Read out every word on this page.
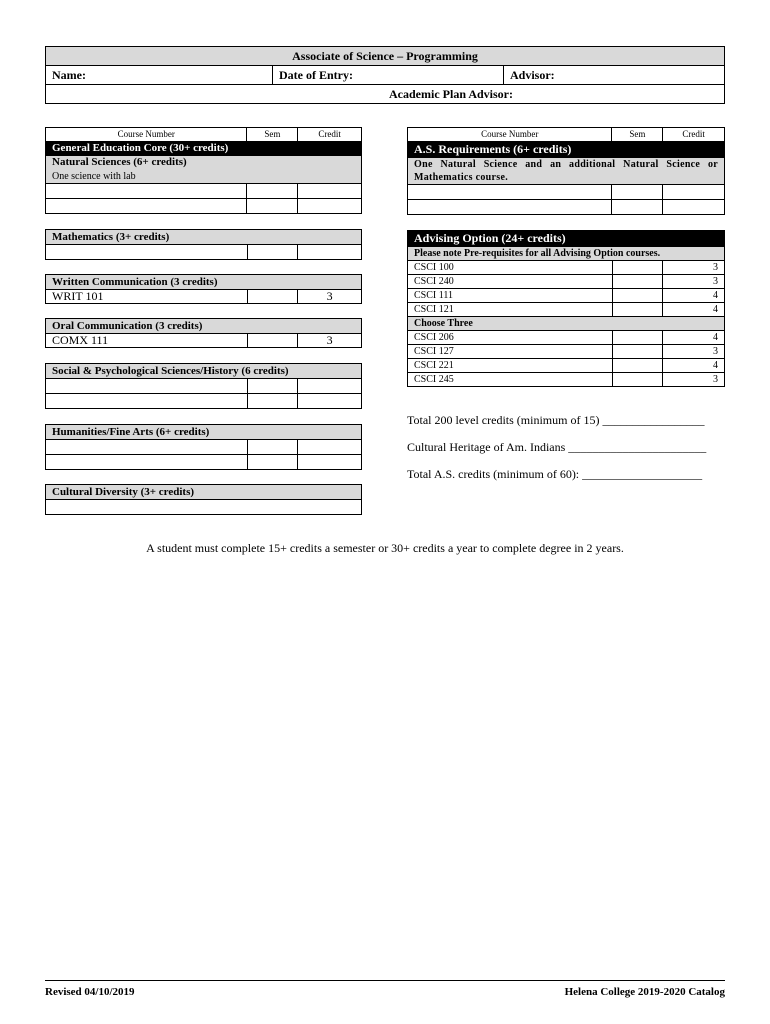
Associate of Science – Programming
Name:	Date of Entry:	Advisor:
Academic Plan Advisor:
Course Number	Sem	Credit
General Education Core (30+ credits)		
Natural Sciences (6+ credits)		
One science with lab		

Mathematics (3+ credits)

Written Communication (3 credits)
WRIT 101		3
Oral Communication (3 credits)
COMX 111		3
Social & Psychological Sciences/History (6 credits)		

Humanities/Fine Arts (6+ credits)		

Cultural Diversity (3+ credits)

Course Number	Sem	Credit
A.S. Requirements (6+ credits)		
One Natural Science and an additional Natural Science or Mathematics course.		

Advising Option (24+ credits)		
Please note Pre-requisites for all Advising Option courses.		
CSCI 100		3
CSCI 240		3
CSCI 111		4
CSCI 121		4
Choose Three		
CSCI 206		4
CSCI 127		3
CSCI 221		4
CSCI 245		3
Total 200 level credits (minimum of 15) _________________
Cultural Heritage of Am. Indians _______________________
Total A.S. credits (minimum of 60): ____________________
A student must complete 15+ credits a semester or 30+ credits a year to complete degree in 2 years.
Revised 04/10/2019	Helena College 2019-2020 Catalog
